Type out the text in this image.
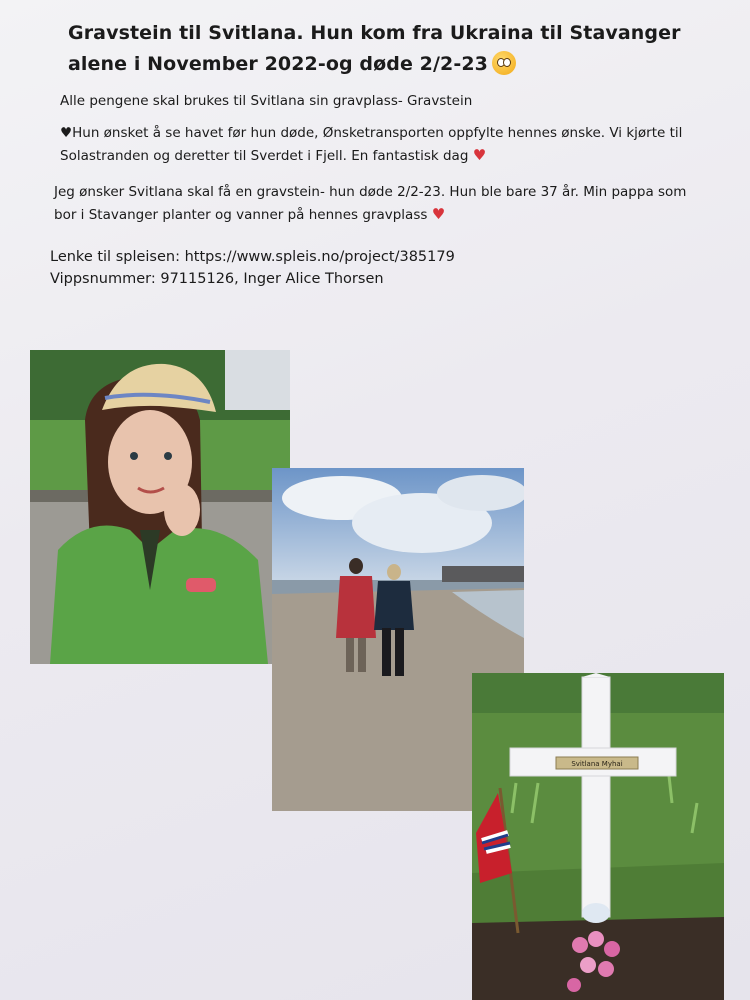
Gravstein til Svitlana. Hun kom fra Ukraina til Stavanger
alene i November 2022-og døde 2/2-23

Alle pengene skal brukes til Svitlana sin gravplass- Gravstein

♥Hun ønsket å se havet før hun døde, Ønsketransporten oppfylte hennes ønske. Vi kjørte til Solastranden og deretter til Sverdet i Fjell. En fantastisk dag ♥

Jeg ønsker Svitlana skal få en gravstein- hun døde 2/2-23. Hun ble bare 37 år. Min pappa som bor i Stavanger planter og vanner på hennes gravplass ♥

Lenke til spleisen: https://www.spleis.no/project/385179
Vippsnummer: 97115126, Inger Alice Thorsen

Svitlana Myhai
